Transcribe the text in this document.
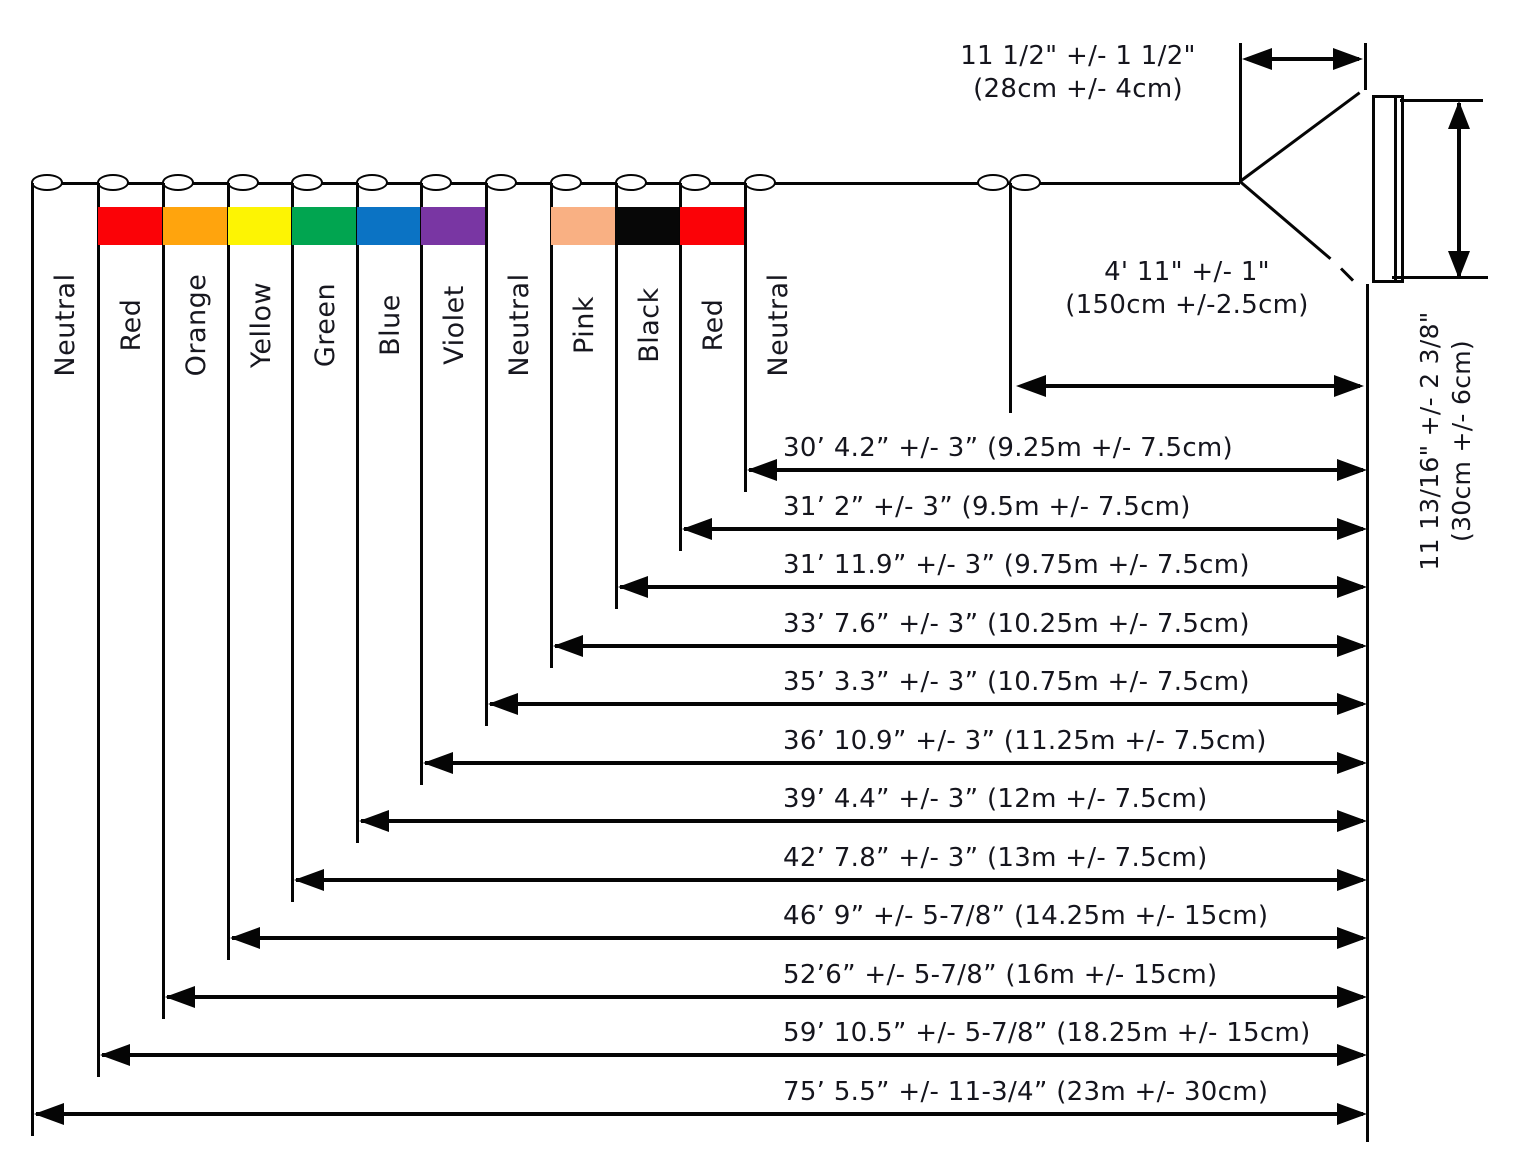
Neutral Red Orange Yellow Green Blue Violet Neutral Pink Black Red Neutral
30’ 4.2” +/- 3” (9.25m +/- 7.5cm)
31’ 2” +/- 3” (9.5m +/- 7.5cm)
31’ 11.9” +/- 3” (9.75m +/- 7.5cm)
33’ 7.6” +/- 3” (10.25m +/- 7.5cm)
35’ 3.3” +/- 3” (10.75m +/- 7.5cm)
36’ 10.9” +/- 3” (11.25m +/- 7.5cm)
39’ 4.4” +/- 3” (12m +/- 7.5cm)
42’ 7.8” +/- 3” (13m +/- 7.5cm)
46’ 9” +/- 5-7/8” (14.25m +/- 15cm)
52’6” +/- 5-7/8” (16m +/- 15cm)
59’ 10.5” +/- 5-7/8” (18.25m +/- 15cm)
75’ 5.5” +/- 11-3/4” (23m +/- 30cm)
4' 11" +/- 1"
(150cm +/-2.5cm)
11 1/2" +/- 1 1/2"
(28cm +/- 4cm)
11 13/16" +/- 2 3/8" (30cm +/- 6cm)
